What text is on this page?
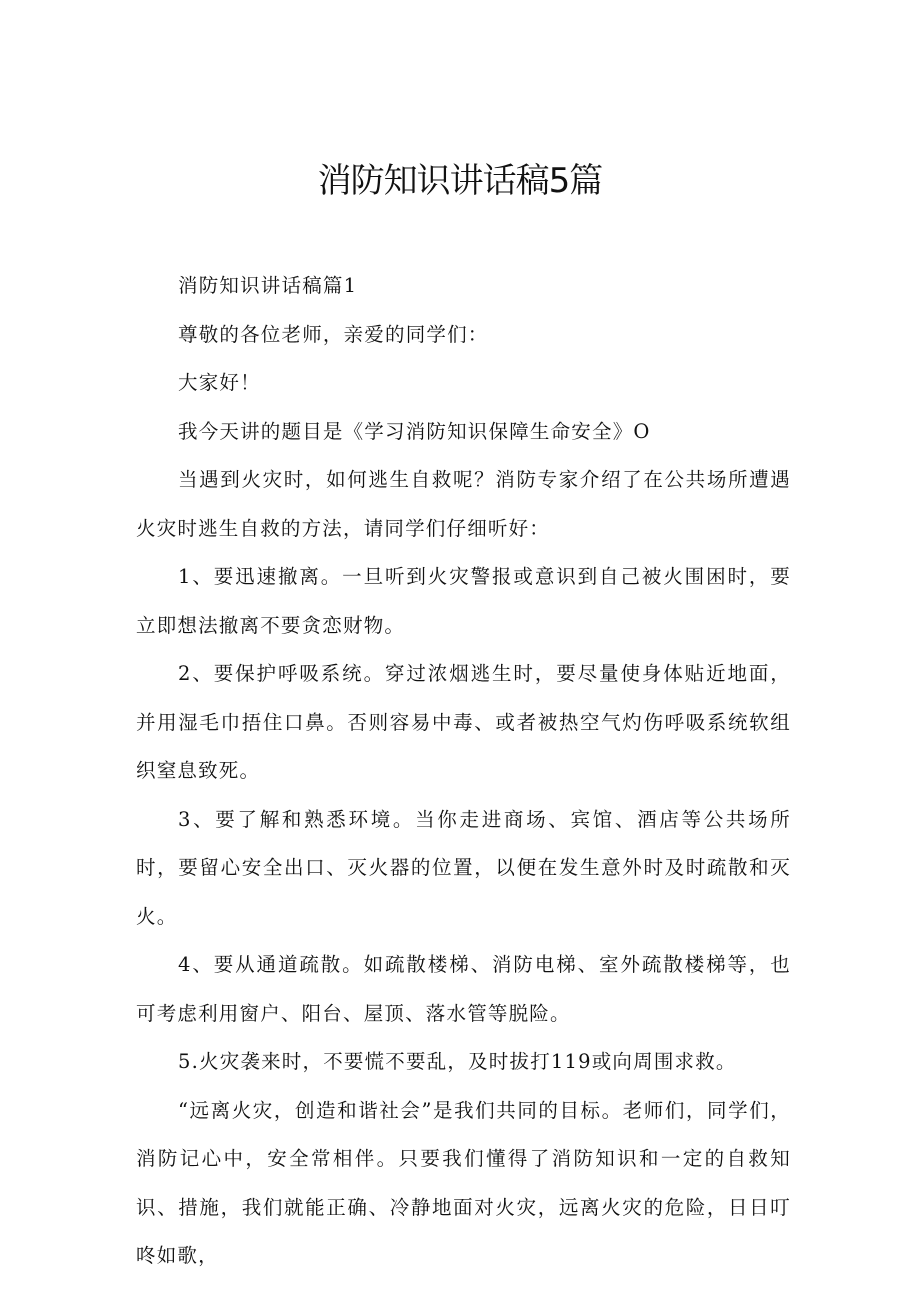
消防知识讲话稿5篇

消防知识讲话稿篇1

尊敬的各位老师，亲爱的同学们：

大家好！

我今天讲的题目是《学习消防知识保障生命安全》O

当遇到火灾时，如何逃生自救呢？消防专家介绍了在公共场所遭遇火灾时逃生自救的方法，请同学们仔细听好：

1、要迅速撤离。一旦听到火灾警报或意识到自己被火围困时，要立即想法撤离不要贪恋财物。

2、要保护呼吸系统。穿过浓烟逃生时，要尽量使身体贴近地面，并用湿毛巾捂住口鼻。否则容易中毒、或者被热空气灼伤呼吸系统软组织窒息致死。

3、要了解和熟悉环境。当你走进商场、宾馆、酒店等公共场所时，要留心安全出口、灭火器的位置，以便在发生意外时及时疏散和灭火。

4、要从通道疏散。如疏散楼梯、消防电梯、室外疏散楼梯等，也可考虑利用窗户、阳台、屋顶、落水管等脱险。

5.火灾袭来时，不要慌不要乱，及时拔打119或向周围求救。

“远离火灾，创造和谐社会”是我们共同的目标。老师们，同学们，消防记心中，安全常相伴。只要我们懂得了消防知识和一定的自救知识、措施，我们就能正确、冷静地面对火灾，远离火灾的危险，日日叮咚如歌，
